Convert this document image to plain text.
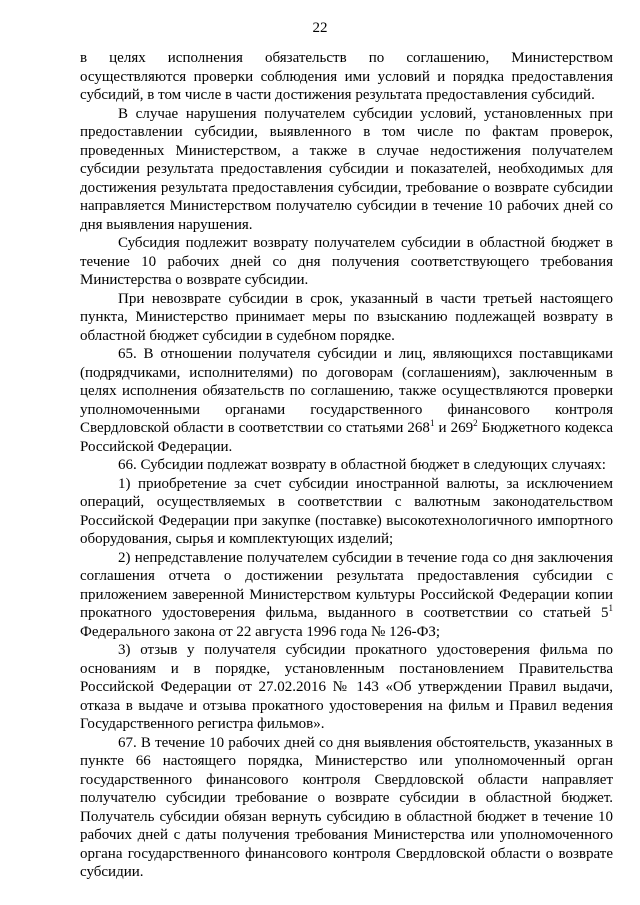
22

в целях исполнения обязательств по соглашению, Министерством осуществляются проверки соблюдения ими условий и порядка предоставления субсидий, в том числе в части достижения результата предоставления субсидий.

В случае нарушения получателем субсидии условий, установленных при предоставлении субсидии, выявленного в том числе по фактам проверок, проведенных Министерством, а также в случае недостижения получателем субсидии результата предоставления субсидии и показателей, необходимых для достижения результата предоставления субсидии, требование о возврате субсидии направляется Министерством получателю субсидии в течение 10 рабочих дней со дня выявления нарушения.

Субсидия подлежит возврату получателем субсидии в областной бюджет в течение 10 рабочих дней со дня получения соответствующего требования Министерства о возврате субсидии.

При невозврате субсидии в срок, указанный в части третьей настоящего пункта, Министерство принимает меры по взысканию подлежащей возврату в областной бюджет субсидии в судебном порядке.

65. В отношении получателя субсидии и лиц, являющихся поставщиками (подрядчиками, исполнителями) по договорам (соглашениям), заключенным в целях исполнения обязательств по соглашению, также осуществляются проверки уполномоченными органами государственного финансового контроля Свердловской области в соответствии со статьями $268^1$ и $269^2$ Бюджетного кодекса Российской Федерации.

66. Субсидии подлежат возврату в областной бюджет в следующих случаях:

1) приобретение за счет субсидии иностранной валюты, за исключением операций, осуществляемых в соответствии с валютным законодательством Российской Федерации при закупке (поставке) высокотехнологичного импортного оборудования, сырья и комплектующих изделий;

2) непредставление получателем субсидии в течение года со дня заключения соглашения отчета о достижении результата предоставления субсидии с приложением заверенной Министерством культуры Российской Федерации копии прокатного удостоверения фильма, выданного в соответствии со статьей $5^1$ Федерального закона от 22 августа 1996 года № 126-ФЗ;

3) отзыв у получателя субсидии прокатного удостоверения фильма по основаниям и в порядке, установленным постановлением Правительства Российской Федерации от 27.02.2016 № 143 «Об утверждении Правил выдачи, отказа в выдаче и отзыва прокатного удостоверения на фильм и Правил ведения Государственного регистра фильмов».

67. В течение 10 рабочих дней со дня выявления обстоятельств, указанных в пункте 66 настоящего порядка, Министерство или уполномоченный орган государственного финансового контроля Свердловской области направляет получателю субсидии требование о возврате субсидии в областной бюджет. Получатель субсидии обязан вернуть субсидию в областной бюджет в течение 10 рабочих дней с даты получения требования Министерства или уполномоченного органа государственного финансового контроля Свердловской области о возврате субсидии.
